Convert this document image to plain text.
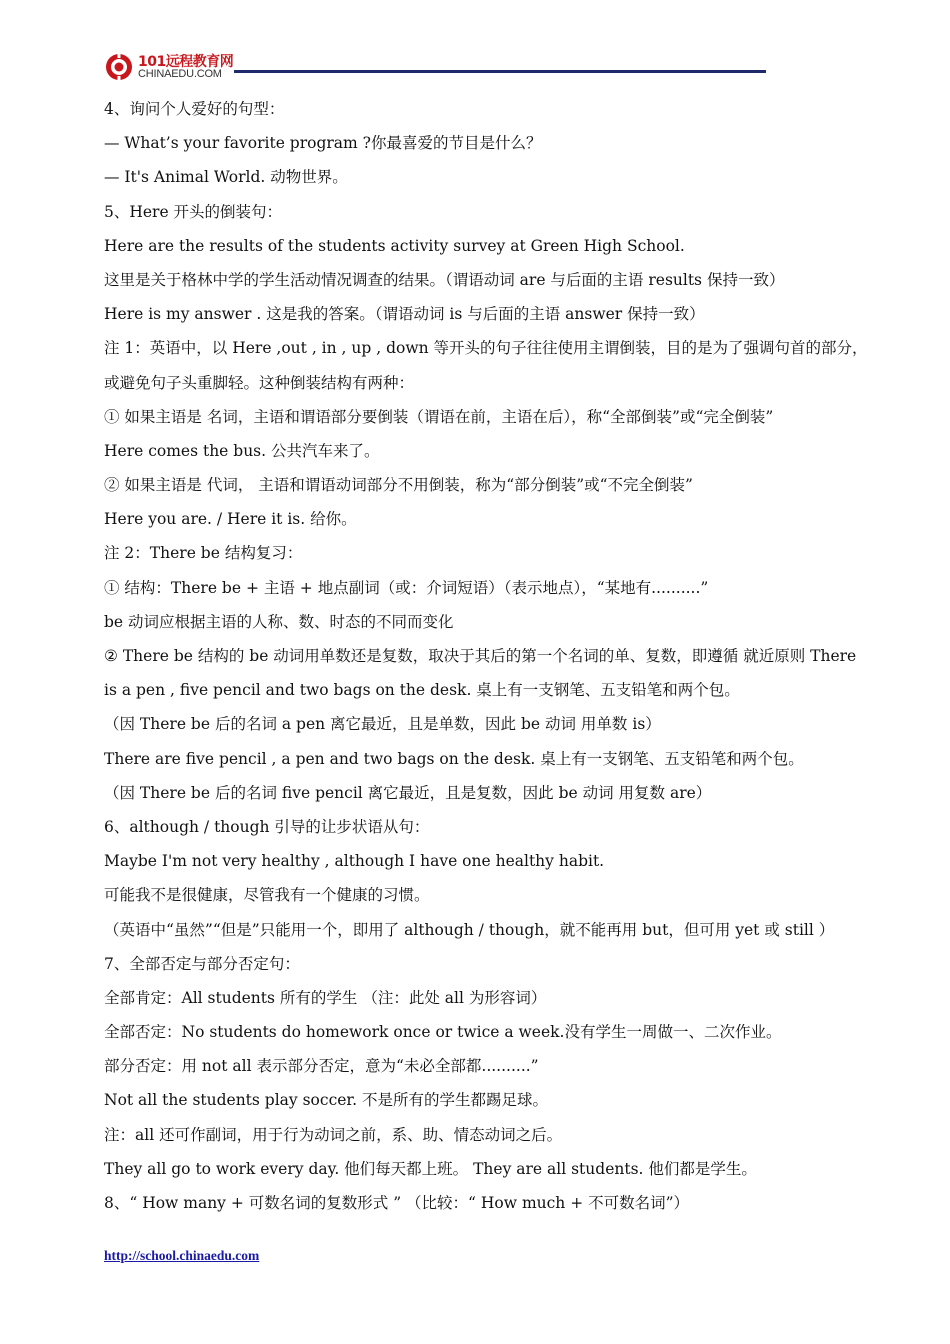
101远程教育网
CHINAEDU.COM
4、询问个人爱好的句型：
— What’s your favorite program ?你最喜爱的节目是什么？
— It's Animal World. 动物世界。
5、Here 开头的倒装句：
Here are the results of the students activity survey at Green High School.
这里是关于格林中学的学生活动情况调查的结果。（谓语动词 are 与后面的主语 results 保持一致）
Here is my answer . 这是我的答案。（谓语动词 is 与后面的主语 answer 保持一致）
注 1：英语中，以 Here ,out , in , up , down 等开头的句子往往使用主谓倒装，目的是为了强调句首的部分，
或避免句子头重脚轻。这种倒装结构有两种：
① 如果主语是 名词，主语和谓语部分要倒装（谓语在前，主语在后），称“全部倒装”或“完全倒装”
Here comes the bus. 公共汽车来了。
② 如果主语是 代词， 主语和谓语动词部分不用倒装，称为“部分倒装”或“不完全倒装”
Here you are. / Here it is. 给你。
注 2：There be 结构复习：
① 结构：There be + 主语 + 地点副词（或：介词短语）（表示地点），“某地有..........”
be 动词应根据主语的人称、数、时态的不同而变化
② There be 结构的 be 动词用单数还是复数，取决于其后的第一个名词的单、复数，即遵循 就近原则 There
is a pen , five pencil and two bags on the desk. 桌上有一支钢笔、五支铅笔和两个包。
（因 There be 后的名词 a pen 离它最近，且是单数，因此 be 动词 用单数 is）
There are five pencil , a pen and two bags on the desk. 桌上有一支钢笔、五支铅笔和两个包。
（因 There be 后的名词 five pencil 离它最近，且是复数，因此 be 动词 用复数 are）
6、although / though 引导的让步状语从句：
Maybe I'm not very healthy , although I have one healthy habit.
可能我不是很健康，尽管我有一个健康的习惯。
（英语中“虽然”“但是”只能用一个，即用了 although / though，就不能再用 but，但可用 yet 或 still ）
7、全部否定与部分否定句：
全部肯定：All students 所有的学生 （注：此处 all 为形容词）
全部否定：No students do homework once or twice a week.没有学生一周做一、二次作业。
部分否定：用 not all 表示部分否定，意为“未必全部都..........”
Not all the students play soccer. 不是所有的学生都踢足球。
注：all 还可作副词，用于行为动词之前，系、助、情态动词之后。
They all go to work every day. 他们每天都上班。 They are all students. 他们都是学生。
8、“ How many + 可数名词的复数形式 ” （比较：“ How much + 不可数名词”）
http://school.chinaedu.com
